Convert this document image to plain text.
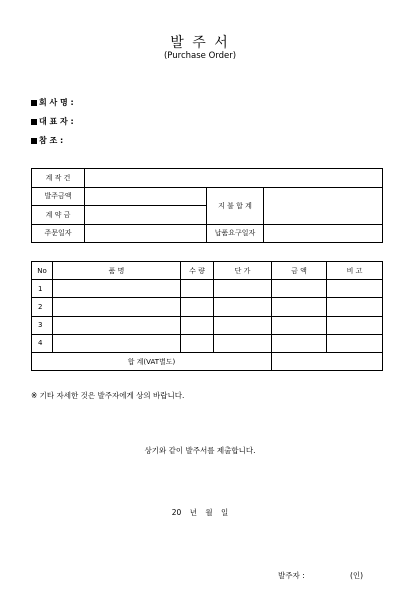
발 주 서
(Purchase Order)
회 사 명 :
대 표 자 :
참 조 :
계 작 건			
발주금액		지 불 합 계	
계 약 금			
주문일자		납품요구일자	
No	품 명	수 량	단 가	금 액	비 고
1					
2					
3					
4					
합 계(VAT별도)					
※ 기타 자세한 것은 발주자에게 상의 바랍니다.
상기와 같이 발주서를 제출합니다.
20 년 월 일
발주자 :	(인)
